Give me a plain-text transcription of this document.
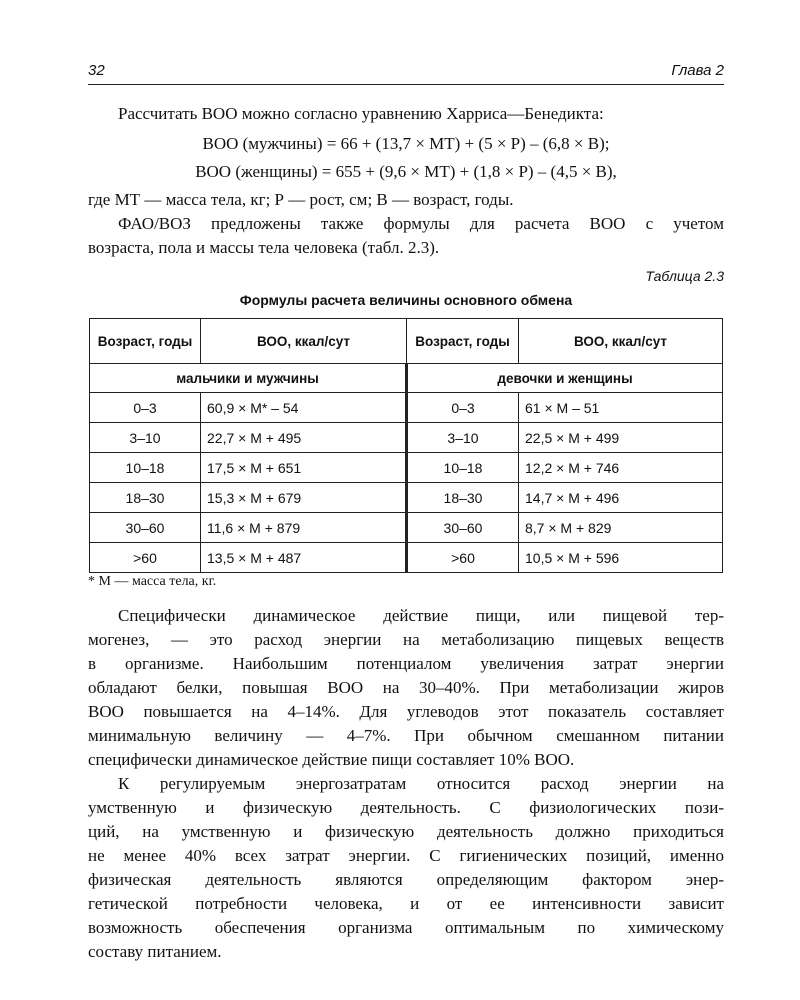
32	Глава 2
Рассчитать ВОО можно согласно уравнению Харриса—Бенедикта:
ВОО (мужчины) = 66 + (13,7 × МТ) + (5 × Р) – (6,8 × В);
ВОО (женщины) = 655 + (9,6 × МТ) + (1,8 × Р) – (4,5 × В),
где МТ — масса тела, кг; Р — рост, см; В — возраст, годы.
ФАО/ВОЗ предложены также формулы для расчета ВОО с учетом
возраста, пола и массы тела человека (табл. 2.3).
Таблица 2.3
Формулы расчета величины основного обмена
Возраст, годы	ВОО, ккал/сут	Возраст, годы	ВОО, ккал/сут
мальчики и мужчины		девочки и женщины	
0–3	60,9 × М* – 54	0–3	61 × М – 51
3–10	22,7 × М + 495	3–10	22,5 × М + 499
10–18	17,5 × М + 651	10–18	12,2 × М + 746
18–30	15,3 × М + 679	18–30	14,7 × М + 496
30–60	11,6 × М + 879	30–60	8,7 × М + 829
>60	13,5 × М + 487	>60	10,5 × М + 596
* М — масса тела, кг.
Специфически динамическое действие пищи, или пищевой тер-
могенез, — это расход энергии на метаболизацию пищевых веществ
в организме. Наибольшим потенциалом увеличения затрат энергии
обладают белки, повышая ВОО на 30–40%. При метаболизации жиров
ВОО повышается на 4–14%. Для углеводов этот показатель составляет
минимальную величину — 4–7%. При обычном смешанном питании
специфически динамическое действие пищи составляет 10% ВОО.
К регулируемым энергозатратам относится расход энергии на
умственную и физическую деятельность. С физиологических пози-
ций, на умственную и физическую деятельность должно приходиться
не менее 40% всех затрат энергии. С гигиенических позиций, именно
физическая деятельность являются определяющим фактором энер-
гетической потребности человека, и от ее интенсивности зависит
возможность обеспечения организма оптимальным по химическому
составу питанием.
